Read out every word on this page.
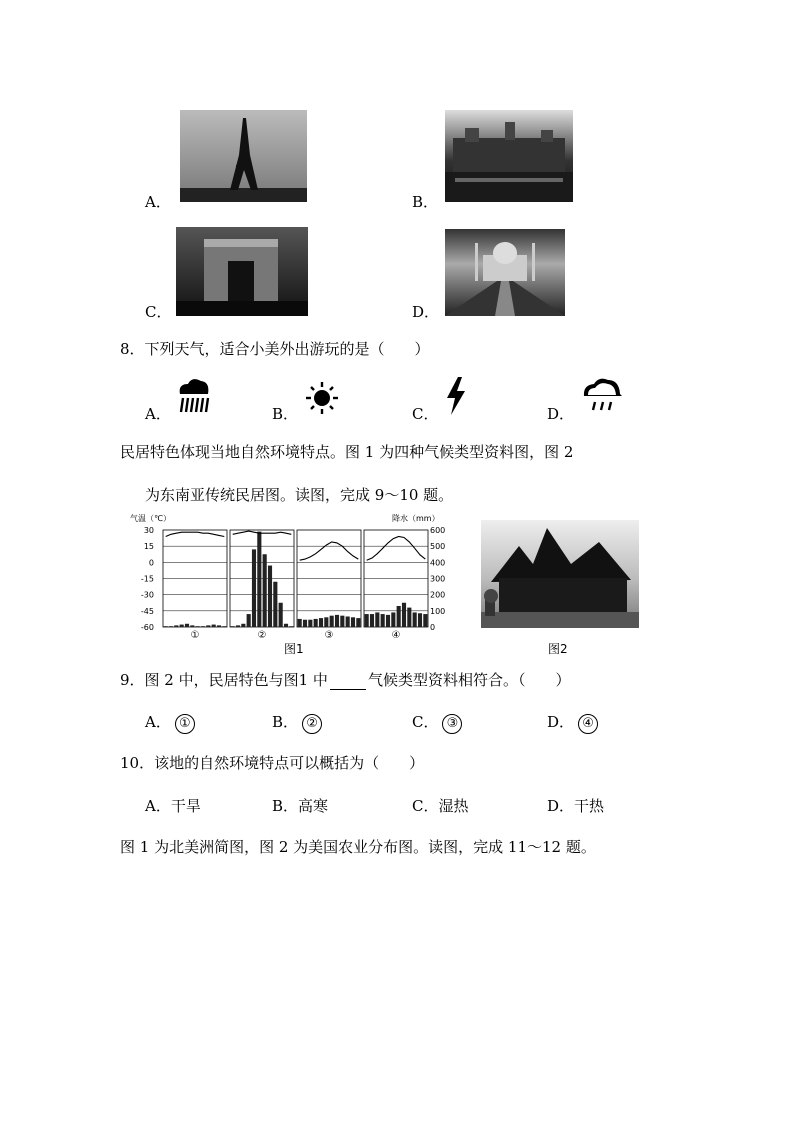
A．	B．
C．	D．
8．下列天气，适合小美外出游玩的是（　　）
A．	B．	C．	D．
民居特色体现当地自然环境特点。图 1 为四种气候类型资料图，图 2
为东南亚传统民居图。读图，完成 9～10 题。
气温（℃）	降水（mm）
30
15
0
-15
-30
-45
-60
600
500
400
300
200
100
0
①	②	③	④
图1	图2
9．图 2 中，民居特色与图1 中	气候类型资料相符合。（　　）
A． ①	B． ②	C． ③	D． ④
10．该地的自然环境特点可以概括为（　　）
A．干旱	B．高寒	C．湿热	D．干热
图 1 为北美洲简图，图 2 为美国农业分布图。读图，完成 11～12 题。
